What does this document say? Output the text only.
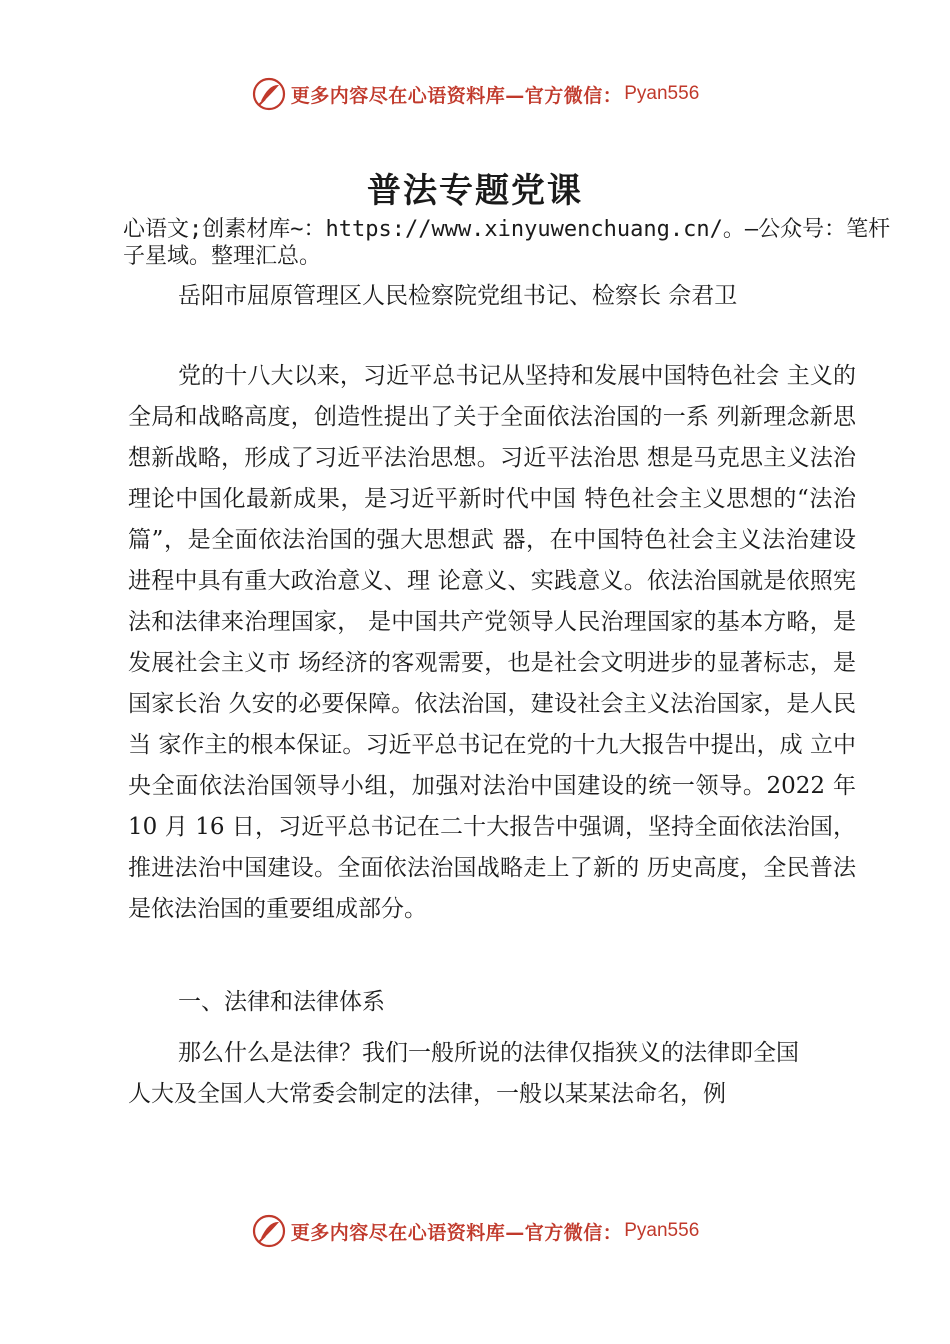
更多内容尽在心语资料库— 官方微信： Pyan556
普法专题党课

心语文;创素材库~：https://www.xinyuwenchuang.cn/。—公众号：笔杆子星域。整理汇总。

岳阳市屈原管理区人民检察院党组书记、检察长 佘君卫

党的十八大以来，习近平总书记从坚持和发展中国特色社会 主义的全局和战略高度，创造性提出了关于全面依法治国的一系 列新理念新思想新战略，形成了习近平法治思想。习近平法治思 想是马克思主义法治理论中国化最新成果，是习近平新时代中国 特色社会主义思想的“法治篇”，是全面依法治国的强大思想武 器，在中国特色社会主义法治建设进程中具有重大政治意义、理 论意义、实践意义。依法治国就是依照宪法和法律来治理国家， 是中国共产党领导人民治理国家的基本方略，是发展社会主义市 场经济的客观需要，也是社会文明进步的显著标志，是国家长治 久安的必要保障。依法治国，建设社会主义法治国家，是人民当 家作主的根本保证。习近平总书记在党的十九大报告中提出，成 立中央全面依法治国领导小组，加强对法治中国建设的统一领导。2022 年 10 月 16 日，习近平总书记在二十大报告中强调，坚持全面依法治国，推进法治中国建设。全面依法治国战略走上了新的 历史高度，全民普法是依法治国的重要组成部分。

一、法律和法律体系

那么什么是法律？我们一般所说的法律仅指狭义的法律即全国人大及全国人大常委会制定的法律，一般以某某法命名，例

更多内容尽在心语资料库— 官方微信： Pyan556
